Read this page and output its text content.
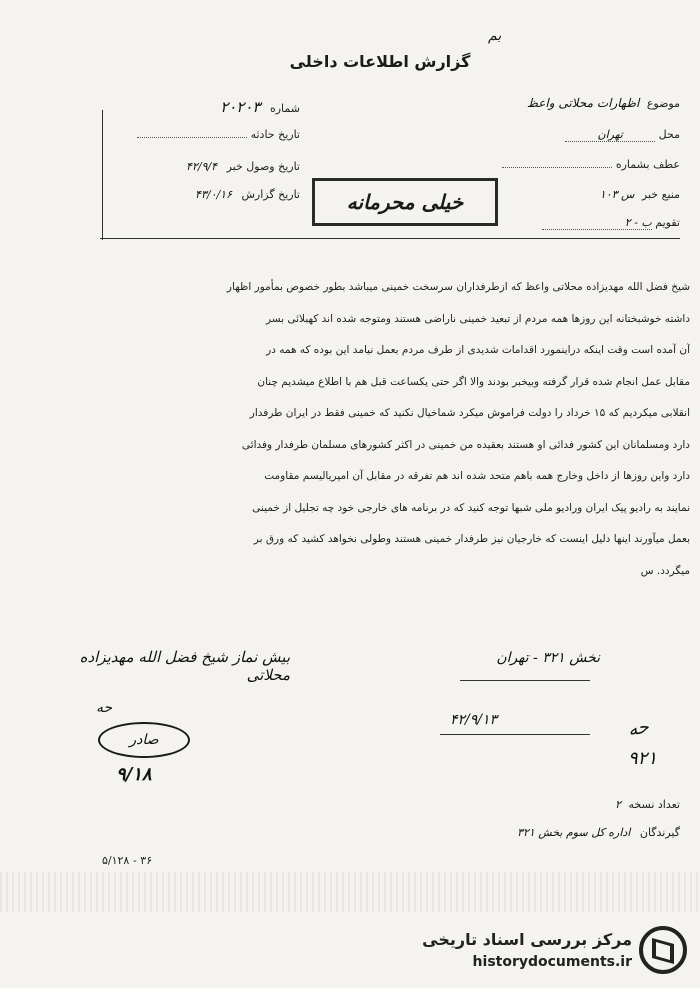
بم
گزارش اطلاعات داخلی
موضوع اظهارات محلاتی واعظ
محل تهران
عطف بشماره
منبع خبر س ۱۰۳
تقویم ب - ۲
شماره ۲۰۲۰۳
تاریخ حادثه
تاریخ وصول خبر ۴۲/۹/۴
تاریخ گزارش ۴۳/۰/۱۶	خیلی محرمانه
شیخ فضل الله مهدیزاده محلاتی واعظ که ازطرفداران سرسخت خمینی میباشد بطور خصوص بمأمور اظهار
داشته خوشبختانه این روزها همه مردم از تبعید خمینی ناراضی هستند ومتوجه شده اند کهبلائی بسر
آن آمده است وقت اینکه دراینمورد اقدامات شدیدی از طرف مردم بعمل نیامد این بوده که همه در
مقابل عمل انجام شده قرار گرفته وبیخبر بودند والا اگر حتی یکساعت قبل هم با اطلاع میشدیم چنان
انقلابی میکردیم که ۱۵ خرداد را دولت فراموش میکرد شماخیال نکنید که خمینی فقط در ایران طرفدار
دارد ومسلمانان این کشور فدائی او هستند بعقیده من خمینی در اکثر کشورهای مسلمان طرفدار وفدائی
دارد واین روزها از داخل وخارج همه باهم متحد شده اند هم تفرقه در مقابل آن امپریالیسم مقاومت
نمایند به رادیو پیک ایران ورادیو ملی شبها توجه کنید که در برنامه های خارجی خود چه تجلیل از خمینی
بعمل میآورند اینها دلیل اینست که خارجیان نیز طرفدار خمینی هستند وطولی نخواهد کشید که ورق بر
میگردد. س
بیش نماز شیخ فضل الله مهدیزاده محلاتی
نخش ۳۲۱ - تهران
۴۲/۹/۱۳
حه
صادر
۹/۱۸
حه
۹۲۱
تعداد نسخه ۲
گیرندگان اداره کل سوم بخش ۳۲۱
۵/۱۲۸ - ۳۶
مرکز بررسی اسناد تاریخی
historydocuments.ir
